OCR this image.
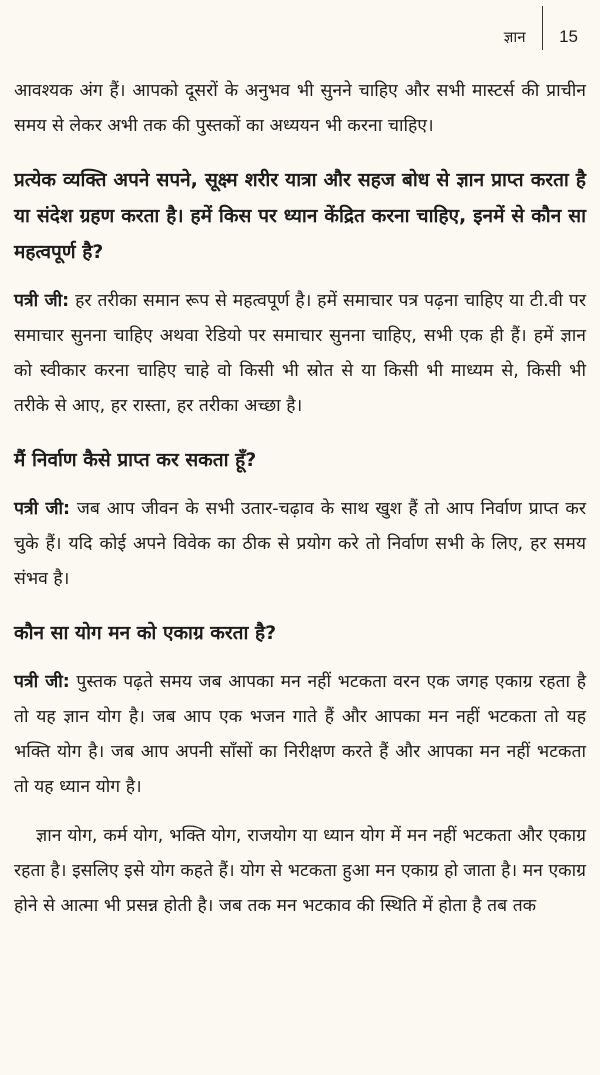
ज्ञान 15

आवश्यक अंग हैं। आपको दूसरों के अनुभव भी सुनने चाहिए और सभी मास्टर्स की प्राचीन समय से लेकर अभी तक की पुस्तकों का अध्ययन भी करना चाहिए।

प्रत्येक व्यक्ति अपने सपने, सूक्ष्म शरीर यात्रा और सहज बोध से ज्ञान प्राप्त करता है या संदेश ग्रहण करता है। हमें किस पर ध्यान केंद्रित करना चाहिए, इनमें से कौन सा महत्वपूर्ण है?

पत्री जी: हर तरीका समान रूप से महत्वपूर्ण है। हमें समाचार पत्र पढ़ना चाहिए या टी.वी पर समाचार सुनना चाहिए अथवा रेडियो पर समाचार सुनना चाहिए, सभी एक ही हैं। हमें ज्ञान को स्वीकार करना चाहिए चाहे वो किसी भी स्रोत से या किसी भी माध्यम से, किसी भी तरीके से आए, हर रास्ता, हर तरीका अच्छा है।

मैं निर्वाण कैसे प्राप्त कर सकता हूँ?

पत्री जी: जब आप जीवन के सभी उतार-चढ़ाव के साथ खुश हैं तो आप निर्वाण प्राप्त कर चुके हैं। यदि कोई अपने विवेक का ठीक से प्रयोग करे तो निर्वाण सभी के लिए, हर समय संभव है।

कौन सा योग मन को एकाग्र करता है?

पत्री जी: पुस्तक पढ़ते समय जब आपका मन नहीं भटकता वरन एक जगह एकाग्र रहता है तो यह ज्ञान योग है। जब आप एक भजन गाते हैं और आपका मन नहीं भटकता तो यह भक्ति योग है। जब आप अपनी साँसों का निरीक्षण करते हैं और आपका मन नहीं भटकता तो यह ध्यान योग है।

ज्ञान योग, कर्म योग, भक्ति योग, राजयोग या ध्यान योग में मन नहीं भटकता और एकाग्र रहता है। इसलिए इसे योग कहते हैं। योग से भटकता हुआ मन एकाग्र हो जाता है। मन एकाग्र होने से आत्मा भी प्रसन्न होती है। जब तक मन भटकाव की स्थिति में होता है तब तक
